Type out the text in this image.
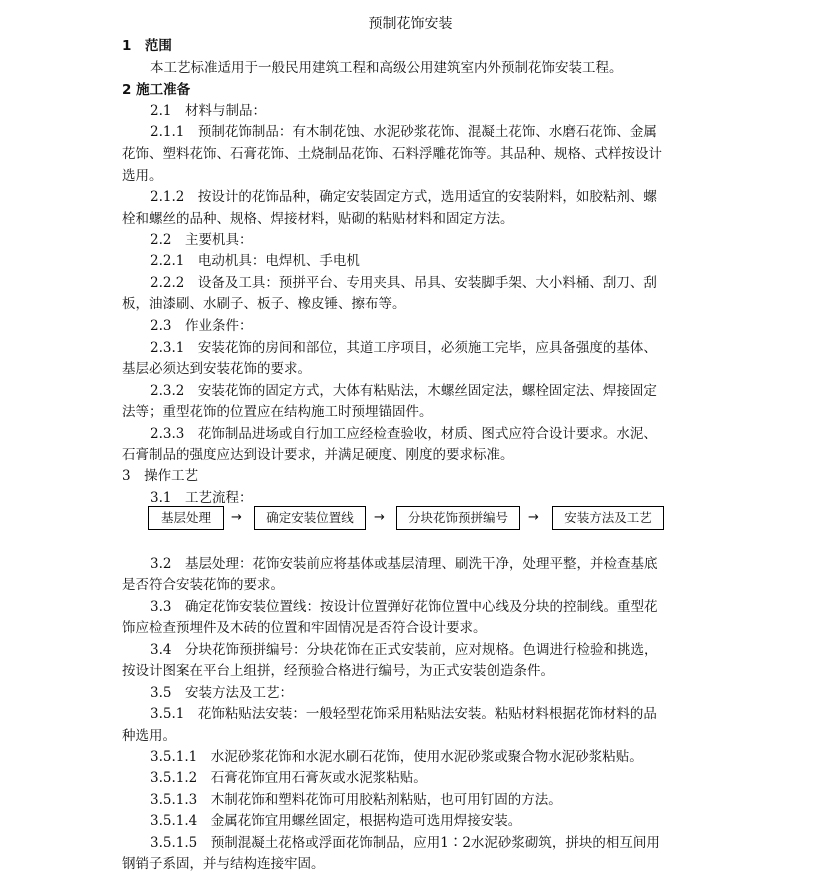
预制花饰安装
1　范围
本工艺标准适用于一般民用建筑工程和高级公用建筑室内外预制花饰安装工程。
2 施工准备
2.1　材料与制品：
2.1.1　预制花饰制品：有木制花蚀、水泥砂浆花饰、混凝土花饰、水磨石花饰、金属
花饰、塑料花饰、石膏花饰、土烧制品花饰、石料浮雕花饰等。其品种、规格、式样按设计
选用。
2.1.2　按设计的花饰品种，确定安装固定方式，选用适宜的安装附料，如胶粘剂、螺
栓和螺丝的品种、规格、焊接材料，贴砌的粘贴材料和固定方法。
2.2　主要机具：
2.2.1　电动机具：电焊机、手电机
2.2.2　设备及工具：预拼平台、专用夹具、吊具、安装脚手架、大小料桶、刮刀、刮
板，油漆刷、水刷子、板子、橡皮锤、擦布等。
2.3　作业条件：
2.3.1　安装花饰的房间和部位，其道工序项目，必须施工完毕，应具备强度的基体、
基层必须达到安装花饰的要求。
2.3.2　安装花饰的固定方式，大体有粘贴法，木螺丝固定法，螺栓固定法、焊接固定
法等；重型花饰的位置应在结构施工时预埋锚固件。
2.3.3　花饰制品进场或自行加工应经检查验收，材质、图式应符合设计要求。水泥、
石膏制品的强度应达到设计要求，并满足硬度、刚度的要求标准。
3　操作工艺
3.1　工艺流程：
基层处理	→	确定安装位置线	→	分块花饰预拼编号	→	安装方法及工艺
3.2　基层处理：花饰安装前应将基体或基层清理、刷洗干净，处理平整，并检查基底
是否符合安装花饰的要求。
3.3　确定花饰安装位置线：按设计位置弹好花饰位置中心线及分块的控制线。重型花
饰应检查预埋件及木砖的位置和牢固情况是否符合设计要求。
3.4　分块花饰预拼编号：分块花饰在正式安装前，应对规格。色调进行检验和挑选，
按设计图案在平台上组拼，经预验合格进行编号，为正式安装创造条件。
3.5　安装方法及工艺：
3.5.1　花饰粘贴法安装：一般轻型花饰采用粘贴法安装。粘贴材料根据花饰材料的品
种选用。
3.5.1.1　水泥砂浆花饰和水泥水刷石花饰，使用水泥砂浆或聚合物水泥砂浆粘贴。
3.5.1.2　石膏花饰宜用石膏灰或水泥浆粘贴。
3.5.1.3　木制花饰和塑料花饰可用胶粘剂粘贴，也可用钉固的方法。
3.5.1.4　金属花饰宜用螺丝固定，根据构造可选用焊接安装。
3.5.1.5　预制混凝土花格或浮面花饰制品，应用1∶2水泥砂浆砌筑，拼块的相互间用
钢销子系固，并与结构连接牢固。
